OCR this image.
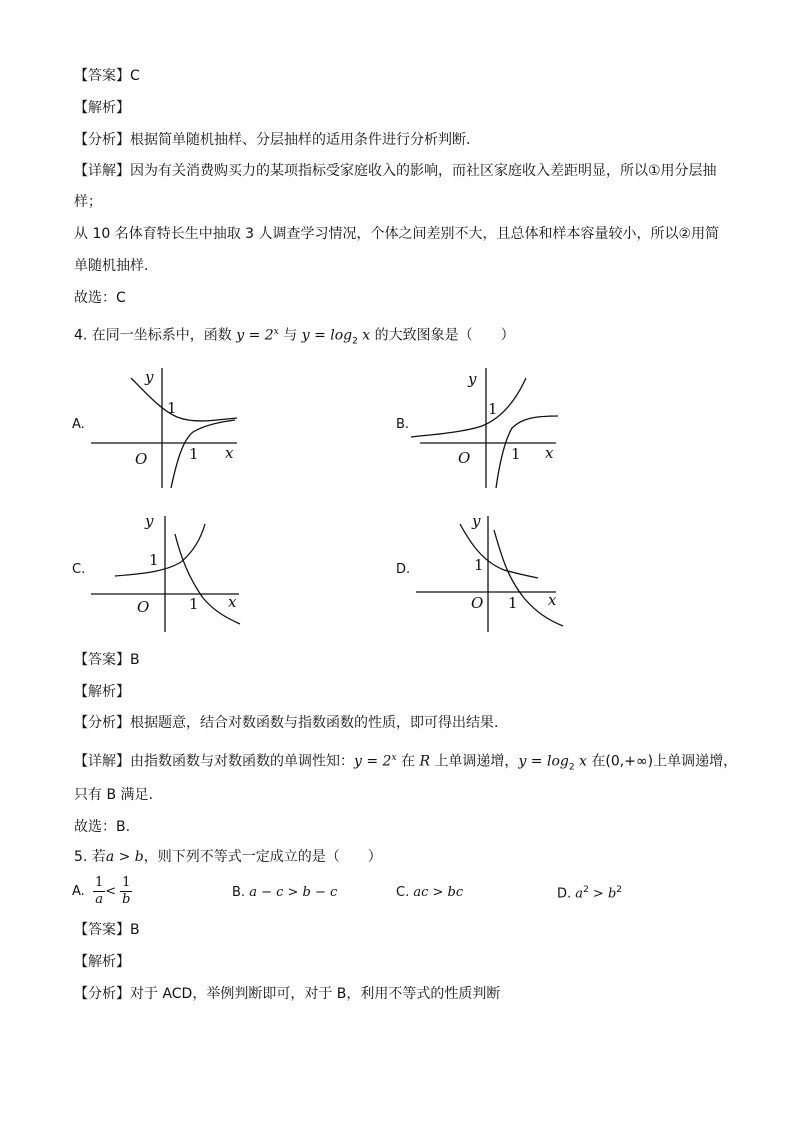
【答案】C
【解析】
【分析】根据简单随机抽样、分层抽样的适用条件进行分析判断.
【详解】因为有关消费购买力的某项指标受家庭收入的影响，而社区家庭收入差距明显，所以①用分层抽
样；
从 10 名体育特长生中抽取 3 人调查学习情况，个体之间差别不大，且总体和样本容量较小，所以②用简
单随机抽样.
故选：C
4. 在同一坐标系中，函数 $y = 2^x$ 与 $y = \log_2 x$ 的大致图象是（　　）
A.
y
1
O	1 x
B.
y
1
O	1 x
C.
y
1
O	1 x
D.
y
1
O 1 x
【答案】B
【解析】
【分析】根据题意，结合对数函数与指数函数的性质，即可得出结果.
【详解】由指数函数与对数函数的单调性知：$y = 2^x$ 在 R 上单调递增，$y = \log_2 x$ 在(0,+∞)上单调递增，
只有 B 满足.
故选：B.
5. 若a > b，则下列不等式一定成立的是（　　）
A. $\frac{1}{a} < \frac{1}{b}$	B. a − c > b − c	C. ac > bc	D. $a^2 > b^2$
【答案】B
【解析】
【分析】对于 ACD，举例判断即可，对于 B，利用不等式的性质判断
